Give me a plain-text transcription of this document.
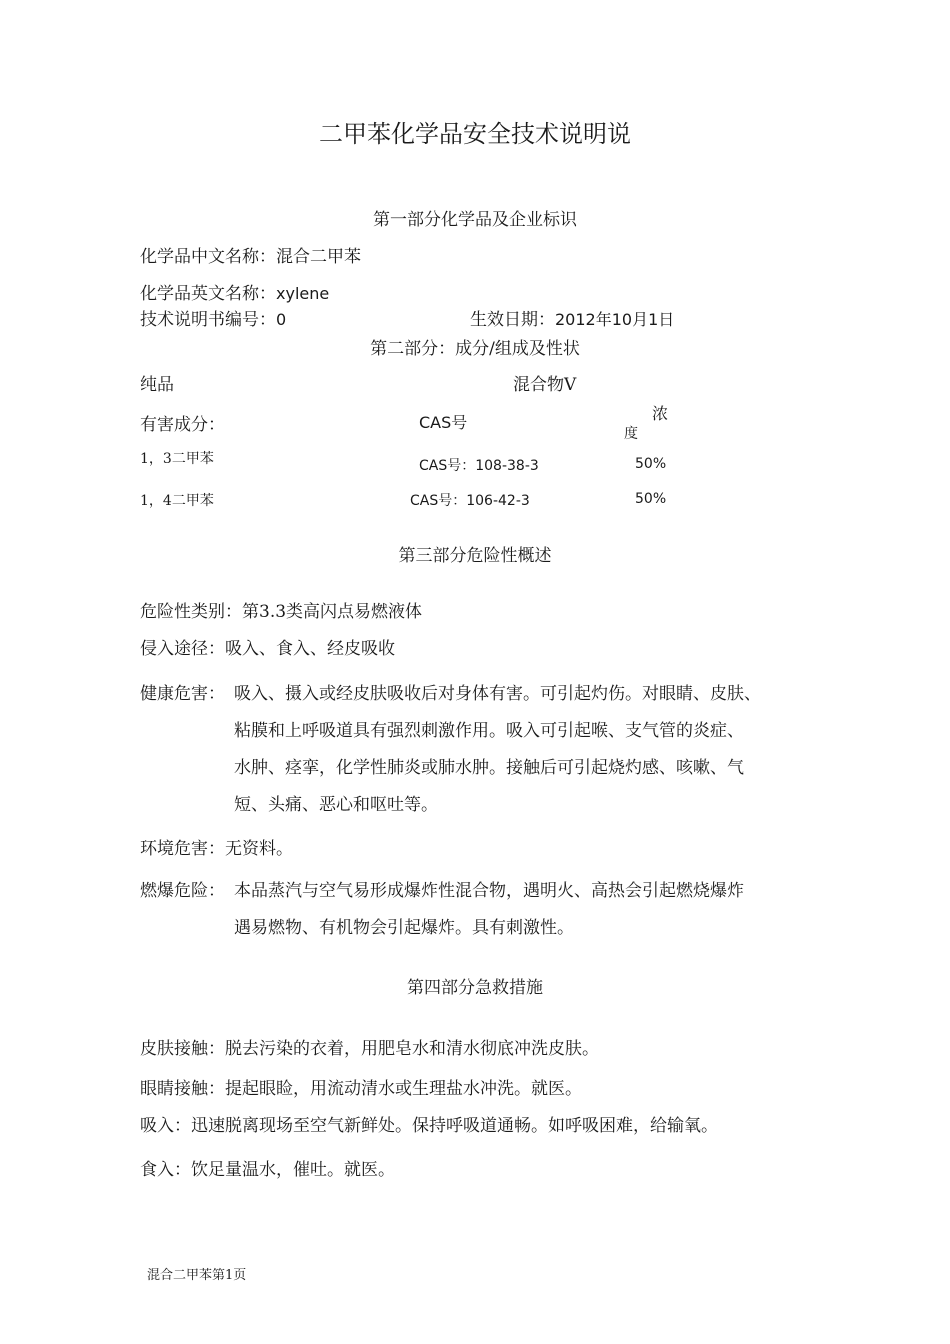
二甲苯化学品安全技术说明说
第一部分化学品及企业标识
化学品中文名称：混合二甲苯
化学品英文名称：xylene
技术说明书编号：0	生效日期：2012年10月1日
第二部分：成分/组成及性状
纯品	混合物V
有害成分：	CAS号	浓
度
1，3二甲苯	CAS号：108-38-3	50%
1，4二甲苯	CAS号：106-42-3	50%
第三部分危险性概述
危险性类别：第3.3类高闪点易燃液体
侵入途径：吸入、食入、经皮吸收
健康危害： 吸入、摄入或经皮肤吸收后对身体有害。可引起灼伤。对眼睛、皮肤、
粘膜和上呼吸道具有强烈刺激作用。吸入可引起喉、支气管的炎症、
水肿、痉挛，化学性肺炎或肺水肿。接触后可引起烧灼感、咳嗽、气
短、头痛、恶心和呕吐等。
环境危害：无资料。
燃爆危险： 本品蒸汽与空气易形成爆炸性混合物，遇明火、高热会引起燃烧爆炸
遇易燃物、有机物会引起爆炸。具有刺激性。
第四部分急救措施
皮肤接触：脱去污染的衣着，用肥皂水和清水彻底冲洗皮肤。
眼睛接触：提起眼睑，用流动清水或生理盐水冲洗。就医。
吸入：迅速脱离现场至空气新鲜处。保持呼吸道通畅。如呼吸困难，给输氧。
食入：饮足量温水，催吐。就医。
混合二甲苯第1页
